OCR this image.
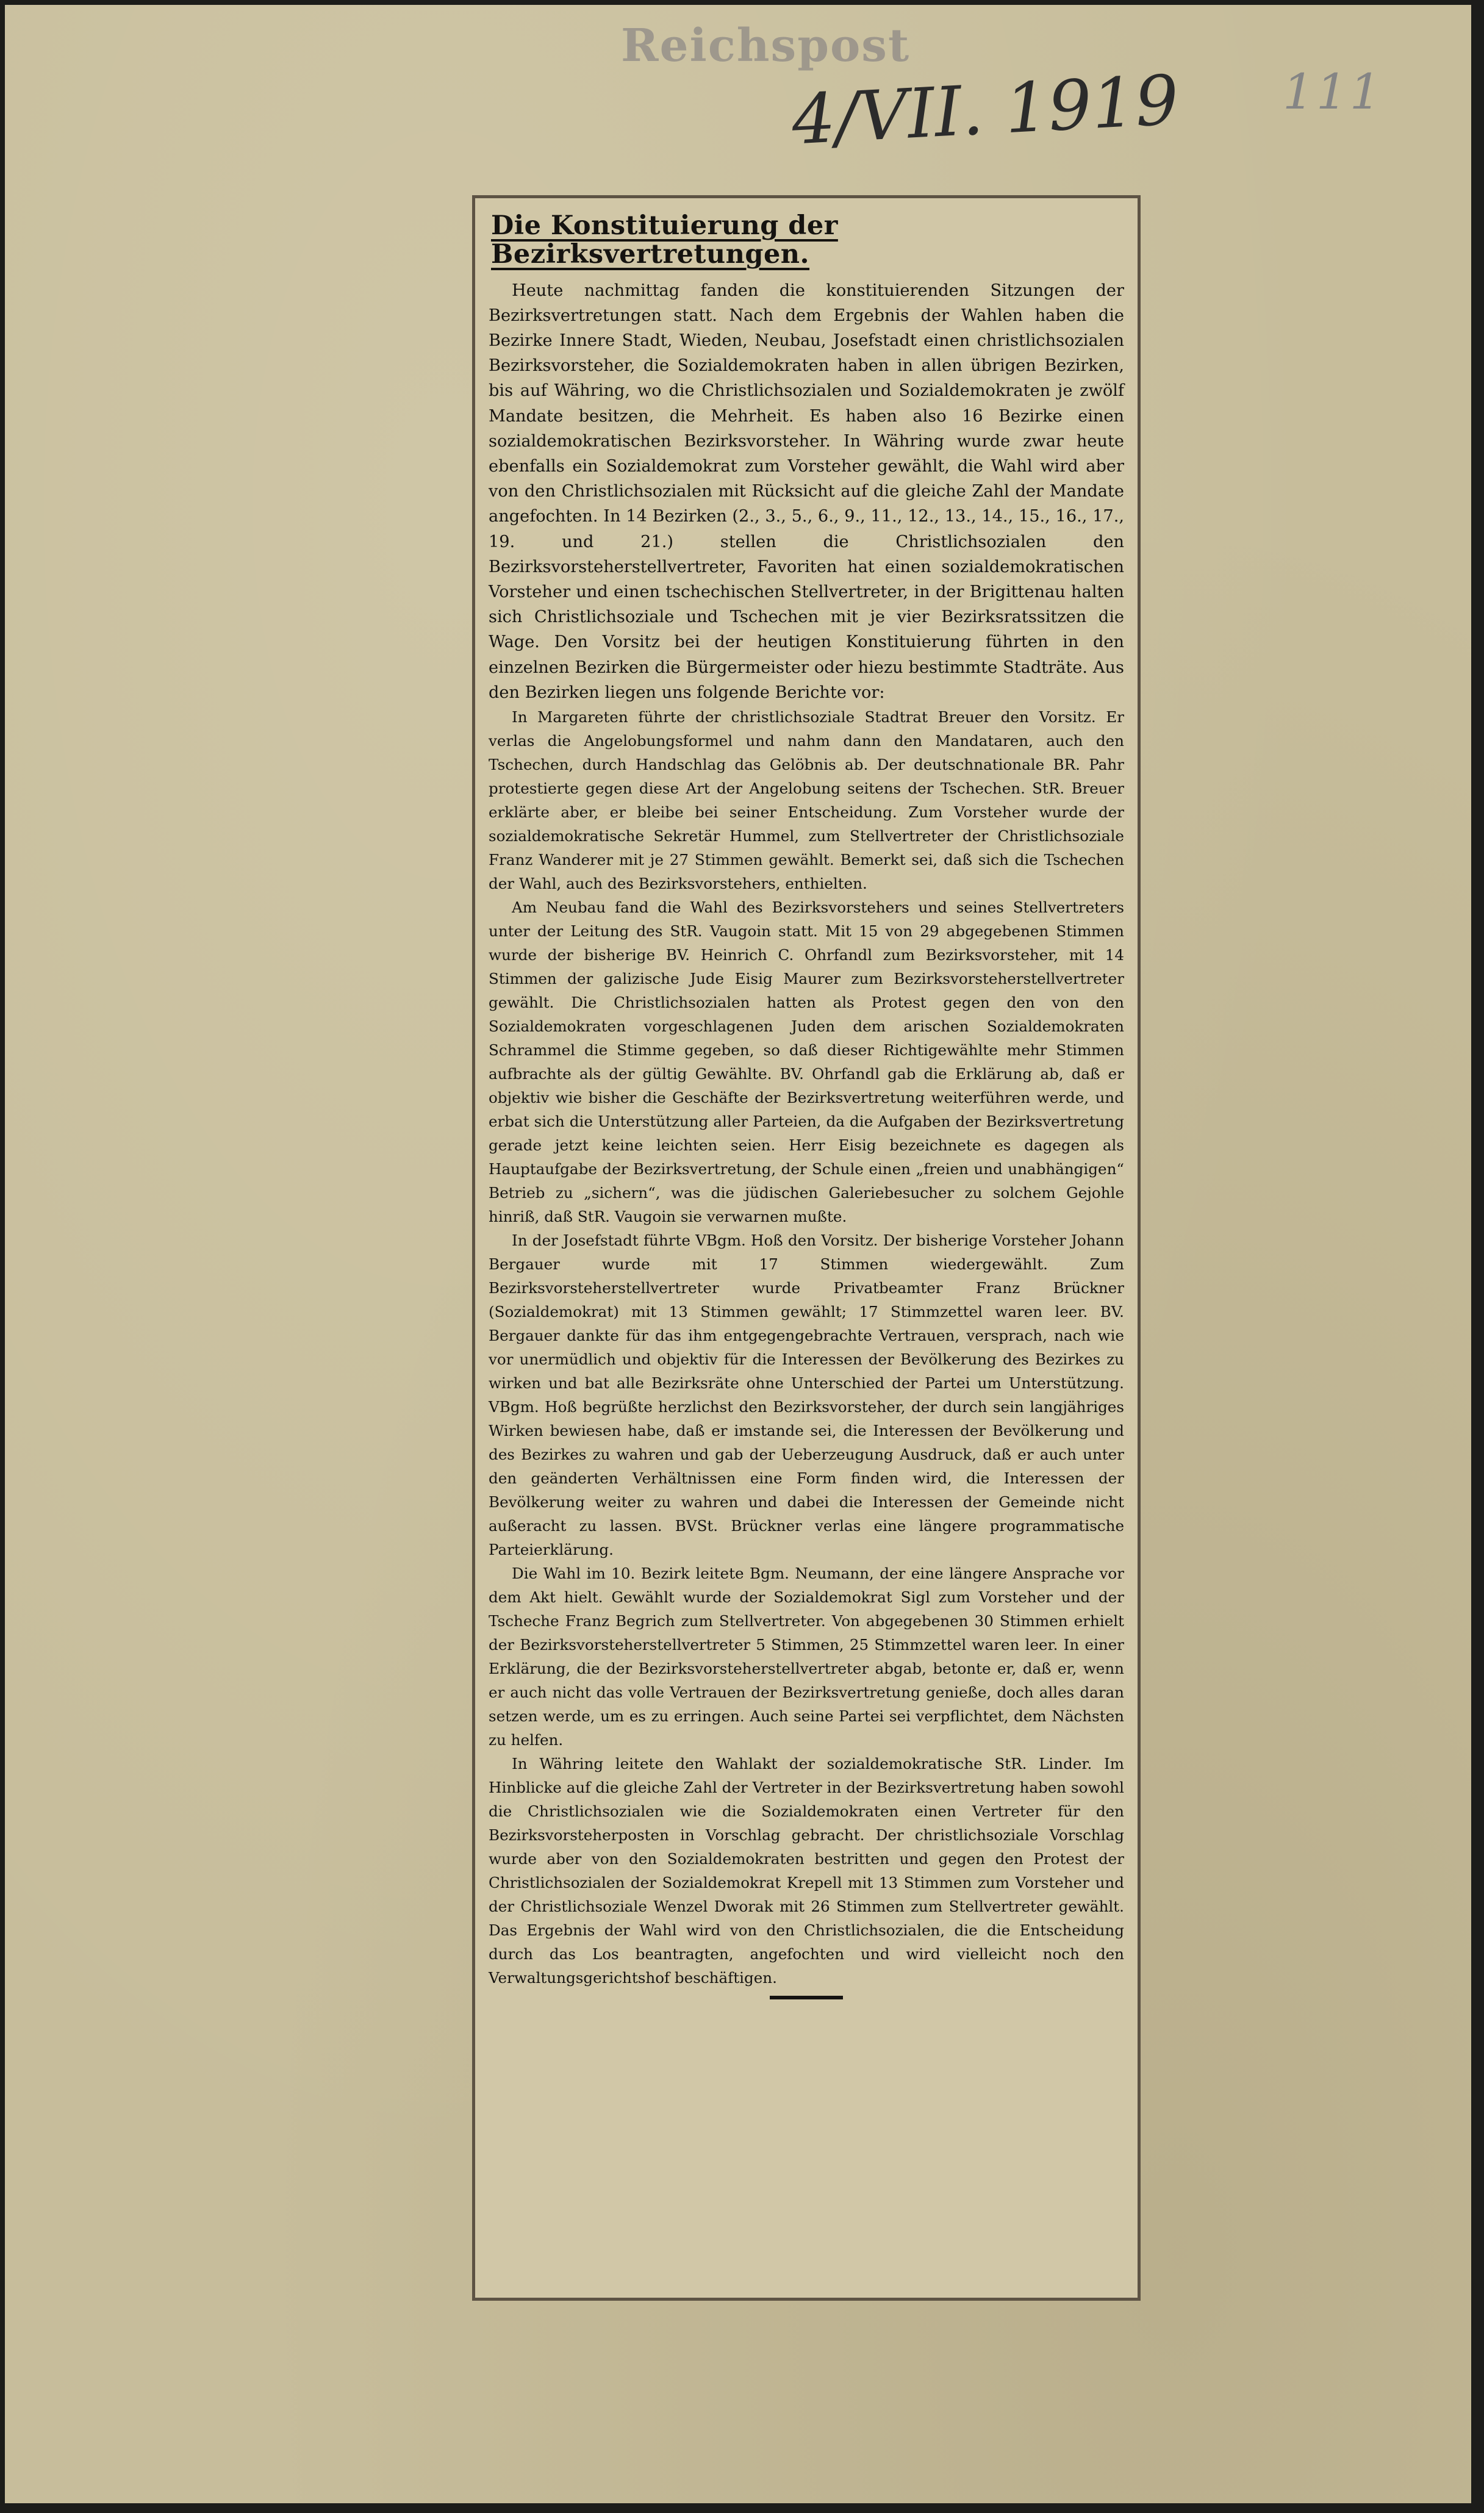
Reichspost
4/VII. 1919 111
Die Konstituierung der Bezirksvertretungen.

Heute nachmittag fanden die konstituierenden Sitzungen der Bezirksvertretungen statt. Nach dem Ergebnis der Wahlen haben die Bezirke Innere Stadt, Wieden, Neubau, Josefstadt einen christlichsozialen Bezirksvorsteher, die Sozialdemokraten haben in allen übrigen Bezirken, bis auf Währing, wo die Christlichsozialen und Sozialdemokraten je zwölf Mandate besitzen, die Mehrheit. Es haben also 16 Bezirke einen sozialdemokratischen Bezirksvorsteher. In Währing wurde zwar heute ebenfalls ein Sozialdemokrat zum Vorsteher gewählt, die Wahl wird aber von den Christlichsozialen mit Rücksicht auf die gleiche Zahl der Mandate angefochten. In 14 Bezirken (2., 3., 5., 6., 9., 11., 12., 13., 14., 15., 16., 17., 19. und 21.) stellen die Christlichsozialen den Bezirksvorsteherstellvertreter, Favoriten hat einen sozialdemokratischen Vorsteher und einen tschechischen Stellvertreter, in der Brigittenau halten sich Christlichsoziale und Tschechen mit je vier Bezirksratssitzen die Wage. Den Vorsitz bei der heutigen Konstituierung führten in den einzelnen Bezirken die Bürgermeister oder hiezu bestimmte Stadträte. Aus den Bezirken liegen uns folgende Berichte vor:

In Margareten führte der christlichsoziale Stadtrat Breuer den Vorsitz. Er verlas die Angelobungsformel und nahm dann den Mandataren, auch den Tschechen, durch Handschlag das Gelöbnis ab. Der deutschnationale BR. Pahr protestierte gegen diese Art der Angelobung seitens der Tschechen. StR. Breuer erklärte aber, er bleibe bei seiner Entscheidung. Zum Vorsteher wurde der sozialdemokratische Sekretär Hummel, zum Stellvertreter der Christlichsoziale Franz Wanderer mit je 27 Stimmen gewählt. Bemerkt sei, daß sich die Tschechen der Wahl, auch des Bezirksvorstehers, enthielten.

Am Neubau fand die Wahl des Bezirksvorstehers und seines Stellvertreters unter der Leitung des StR. Vaugoin statt. Mit 15 von 29 abgegebenen Stimmen wurde der bisherige BV. Heinrich C. Ohrfandl zum Bezirksvorsteher, mit 14 Stimmen der galizische Jude Eisig Maurer zum Bezirksvorsteherstellvertreter gewählt. Die Christlichsozialen hatten als Protest gegen den von den Sozialdemokraten vorgeschlagenen Juden dem arischen Sozialdemokraten Schrammel die Stimme gegeben, so daß dieser Richtigewählte mehr Stimmen aufbrachte als der gültig Gewählte. BV. Ohrfandl gab die Erklärung ab, daß er objektiv wie bisher die Geschäfte der Bezirksvertretung weiterführen werde, und erbat sich die Unterstützung aller Parteien, da die Aufgaben der Bezirksvertretung gerade jetzt keine leichten seien. Herr Eisig bezeichnete es dagegen als Hauptaufgabe der Bezirksvertretung, der Schule einen „freien und unabhängigen“ Betrieb zu „sichern“, was die jüdischen Galeriebesucher zu solchem Gejohle hinriß, daß StR. Vaugoin sie verwarnen mußte.

In der Josefstadt führte VBgm. Hoß den Vorsitz. Der bisherige Vorsteher Johann Bergauer wurde mit 17 Stimmen wiedergewählt. Zum Bezirksvorsteherstellvertreter wurde Privatbeamter Franz Brückner (Sozialdemokrat) mit 13 Stimmen gewählt; 17 Stimmzettel waren leer. BV. Bergauer dankte für das ihm entgegengebrachte Vertrauen, versprach, nach wie vor unermüdlich und objektiv für die Interessen der Bevölkerung des Bezirkes zu wirken und bat alle Bezirksräte ohne Unterschied der Partei um Unterstützung. VBgm. Hoß begrüßte herzlichst den Bezirksvorsteher, der durch sein langjähriges Wirken bewiesen habe, daß er imstande sei, die Interessen der Bevölkerung und des Bezirkes zu wahren und gab der Ueberzeugung Ausdruck, daß er auch unter den geänderten Verhältnissen eine Form finden wird, die Interessen der Bevölkerung weiter zu wahren und dabei die Interessen der Gemeinde nicht außeracht zu lassen. BVSt. Brückner verlas eine längere programmatische Parteierklärung.

Die Wahl im 10. Bezirk leitete Bgm. Neumann, der eine längere Ansprache vor dem Akt hielt. Gewählt wurde der Sozialdemokrat Sigl zum Vorsteher und der Tscheche Franz Begrich zum Stellvertreter. Von abgegebenen 30 Stimmen erhielt der Bezirksvorsteherstellvertreter 5 Stimmen, 25 Stimmzettel waren leer. In einer Erklärung, die der Bezirksvorsteherstellvertreter abgab, betonte er, daß er, wenn er auch nicht das volle Vertrauen der Bezirksvertretung genieße, doch alles daran setzen werde, um es zu erringen. Auch seine Partei sei verpflichtet, dem Nächsten zu helfen.

In Währing leitete den Wahlakt der sozialdemokratische StR. Linder. Im Hinblicke auf die gleiche Zahl der Vertreter in der Bezirksvertretung haben sowohl die Christlichsozialen wie die Sozialdemokraten einen Vertreter für den Bezirksvorsteherposten in Vorschlag gebracht. Der christlichsoziale Vorschlag wurde aber von den Sozialdemokraten bestritten und gegen den Protest der Christlichsozialen der Sozialdemokrat Krepell mit 13 Stimmen zum Vorsteher und der Christlichsoziale Wenzel Dworak mit 26 Stimmen zum Stellvertreter gewählt. Das Ergebnis der Wahl wird von den Christlichsozialen, die die Entscheidung durch das Los beantragten, angefochten und wird vielleicht noch den Verwaltungsgerichtshof beschäftigen.
